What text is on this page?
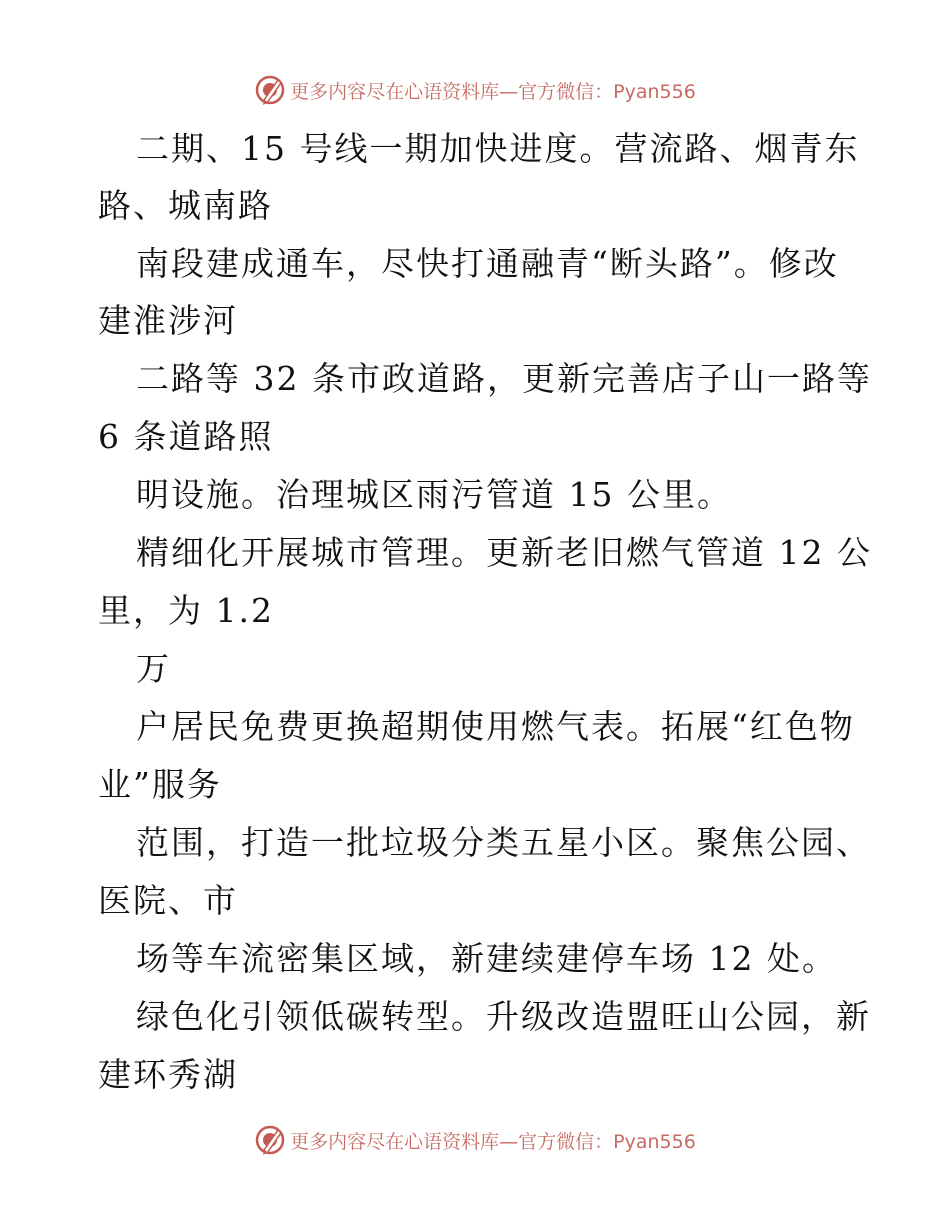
更多内容尽在心语资料库—官方微信：Pyan556
二期、15 号线一期加快进度。营流路、烟青东
路、城南路
南段建成通车，尽快打通融青“断头路”。修改
建淮涉河
二路等 32 条市政道路，更新完善店子山一路等
6 条道路照
明设施。治理城区雨污管道 15 公里。
精细化开展城市管理。更新老旧燃气管道 12 公
里，为 1.2
万
户居民免费更换超期使用燃气表。拓展“红色物
业”服务
范围，打造一批垃圾分类五星小区。聚焦公园、
医院、市
场等车流密集区域，新建续建停车场 12 处。
绿色化引领低碳转型。升级改造盟旺山公园，新
建环秀湖
更多内容尽在心语资料库—官方微信：Pyan556
